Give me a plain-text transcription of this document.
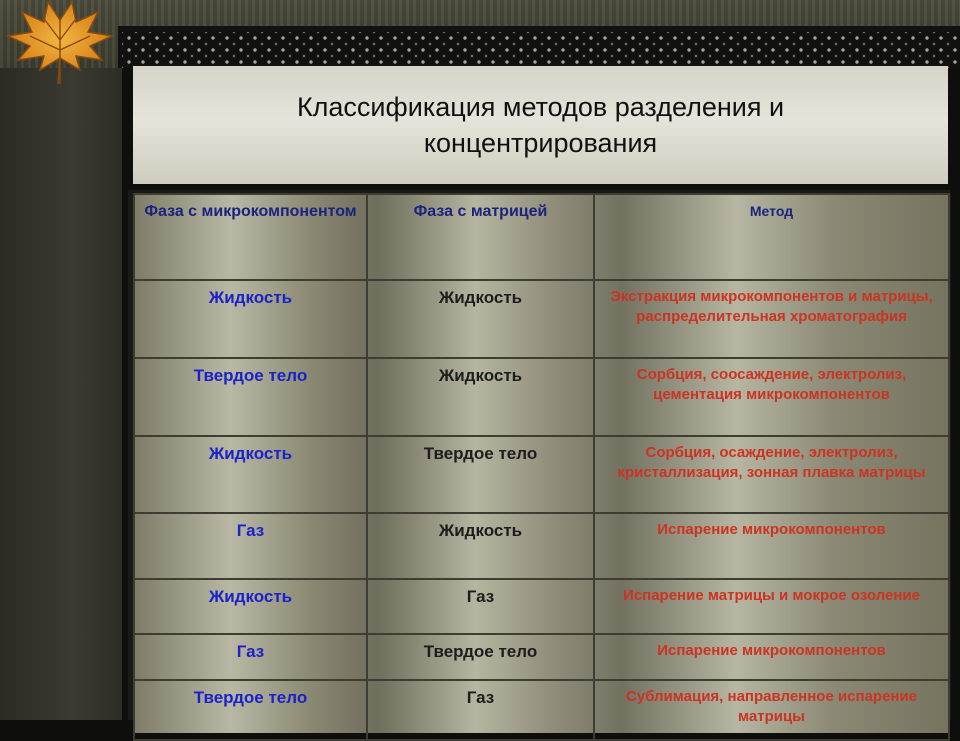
Классификация методов разделения и концентрирования
Фаза с микрокомпонентом	Фаза с матрицей	Метод
Жидкость	Жидкость	Экстракция микрокомпонентов и матрицы, распределительная хроматография
Твердое тело	Жидкость	Сорбция, соосаждение, электролиз, цементация микрокомпонентов
Жидкость	Твердое тело	Сорбция, осаждение, электролиз, кристаллизация, зонная плавка матрицы
Газ	Жидкость	Испарение микрокомпонентов
Жидкость	Газ	Испарение матрицы и мокрое озоление
Газ	Твердое тело	Испарение микрокомпонентов
Твердое тело	Газ	Сублимация, направленное испарение матрицы
